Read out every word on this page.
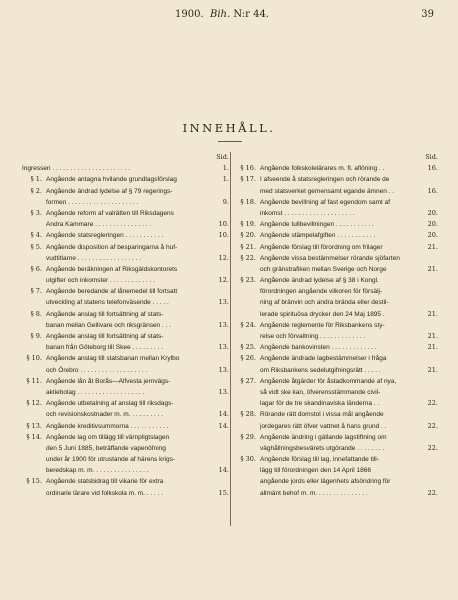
1900. Bih. N:r 44.	39
INNEHÅLL.
Sid.
Ingressen . . . . . . . . . . . . . . . . . . . . . .	1.
§ 1. Angående antagna hvilande grundlagsförslag	1.
§ 2. Angående ändrad lydelse af § 79 regerings-
formen . . . . . . . . . . . . . . . . . . . .	9.
§ 3. Angående reform af valrätten till Riksdagens
Andra Kammare . . . . . . . . . . . . . . . .	10.
§ 4. Angående statsregleringen . . . . . . . . . . .	10.
§ 5. Angående disposition af besparingarna å huf-
vudtitlarne . . . . . . . . . . . . . . . . . .	12.
§ 6. Angående beräkningen af Riksgäldskontorets
utgifter och inkomster . . . . . . . . . . . . .	12.
§ 7. Angående beredande af lånemedel till fortsatt
utveckling af statens telefonväsende . . . . .	13.
§ 8. Angående anslag till fortsättning af stats-
banan mellan Gellivare och riksgränsen . . .	13.
§ 9. Angående anslag till fortsättning af stats-
banan från Göteborg till Skee . . . . . . . . .	13.
§ 10. Angående anslag till statsbanan mellan Krylbo
och Örebro . . . . . . . . . . . . . . . . . . .	13.
§ 11. Angående lån åt Borås—Alfvesta jernvägs-
aktiebolag . . . . . . . . . . . . . . . . . . .	13.
§ 12. Angående utbetalning af anslag till riksdags-
och revisionskostnader m. m. . . . . . . . . .	14.
§ 13. Angående kreditivsummorna . . . . . . . . . . .	14.
§ 14. Angående lag om tillägg till värnpligtslagen
den 5 Juni 1885, beträffande vapenöfning
under år 1900 för utrustande af härens krigs-
beredskap m. m. . . . . . . . . . . . . . . .	14.
§ 15. Angående statsbidrag till vikarie för extra
ordinarie lärare vid folkskola m. m. . . . . .	15.
Sid.
§ 16. Angående folkskolelärares m. fl. aflöning . .	16.
§ 17. I afseende å statsregleringen och rörande de
med statsverket gemensamt egande ämnen . .	16.
§ 18. Angående bevillning af fast egendom samt af
inkomst . . . . . . . . . . . . . . . . . . . .	20.
§ 19. Angående tullbevillningen . . . . . . . . . . .	20.
§ 20. Angående stämpelafgiften . . . . . . . . . . .	20.
§ 21. Angående förslag till förordning om frilager	21.
§ 22. Angående vissa bestämmelser rörande sjöfarten
och gränstrafiken mellan Sverige och Norge	21.
§ 23. Angående ändrad lydelse af § 38 i Kongl.
förordningen angående vilkoren för försälj-
ning af bränvin och andra brända eller destil-
lerade spirituösa drycker den 24 Maj 1895 .	21.
§ 24. Angående reglemente för Riksbankens sty-
relse och förvaltning . . . . . . . . . . . . .	21.
§ 25. Angående bankovinsten . . . . . . . . . . . . .	21.
§ 26. Angående ändrade lagbestämmelser i fråga
om Riksbankens sedelutgifningsrätt . . . . .	21.
§ 27. Angående åtgärder för åstadkommande af nya,
så vidt ske kan, öfverensstämmande civil-
lagar för de tre skandinaviska länderna . .	22.
§ 28. Rörande rätt domstol i vissa mål angående
jordegares rätt öfver vattnet å hans grund . .	22.
§ 29. Angående ändring i gällande lagstiftning om
väghållningsbesvärets utgörande . . . . . . . .	22.
§ 30. Angående förslag till lag, innefattande till-
lägg till förordningen den 14 April 1866
angående jords eller lägenhets afsöndring för
allmänt behof m. m. . . . . . . . . . . . . . .	22.
